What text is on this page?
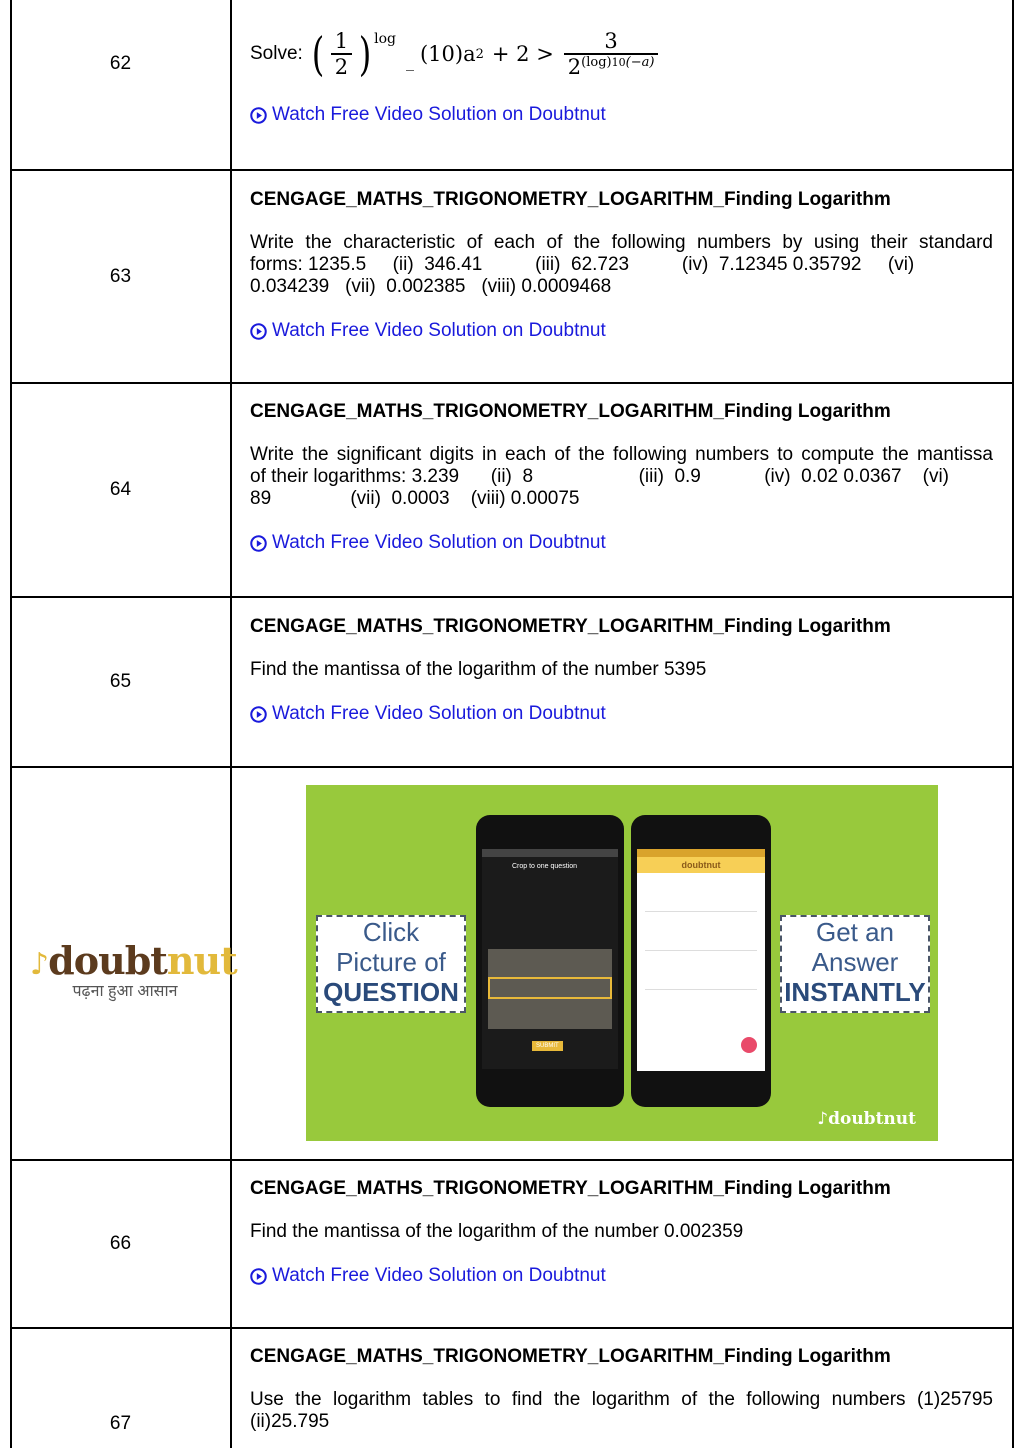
62	Solve: ( $\frac{1}{2}$ ) log
_ (10)a $2 + 2 > \frac{3}{2^{(log)10(-a)}}$
Watch Free Video Solution on Doubtnut
63
CENGAGE_MATHS_TRIGONOMETRY_LOGARITHM_Finding Logarithm
Write the characteristic of each of the following numbers by using their standard
forms: 1235.5     (ii)  346.41          (iii)  62.723          (iv)  7.12345 0.35792     (vi)
0.034239   (vii)  0.002385   (viii) 0.0009468
Watch Free Video Solution on Doubtnut
64
CENGAGE_MATHS_TRIGONOMETRY_LOGARITHM_Finding Logarithm
Write the significant digits in each of the following numbers to compute the mantissa
of their logarithms: 3.239      (ii)  8                    (iii)  0.9            (iv)  0.02 0.0367    (vi)
89               (vii)  0.0003    (viii) 0.00075
Watch Free Video Solution on Doubtnut
65
CENGAGE_MATHS_TRIGONOMETRY_LOGARITHM_Finding Logarithm
Find the mantissa of the logarithm of the number 5395
Watch Free Video Solution on Doubtnut
♪doubtnut
पढ़ना हुआ आसान
Crop to one question
SUBMIT
doubtnut
Click
Picture of
QUESTION
Get an
Answer
INSTANTLY
♪doubtnut
66
CENGAGE_MATHS_TRIGONOMETRY_LOGARITHM_Finding Logarithm
Find the mantissa of the logarithm of the number 0.002359
Watch Free Video Solution on Doubtnut
67
CENGAGE_MATHS_TRIGONOMETRY_LOGARITHM_Finding Logarithm
Use the logarithm tables to find the logarithm of the following numbers (1)25795
(ii)25.795
